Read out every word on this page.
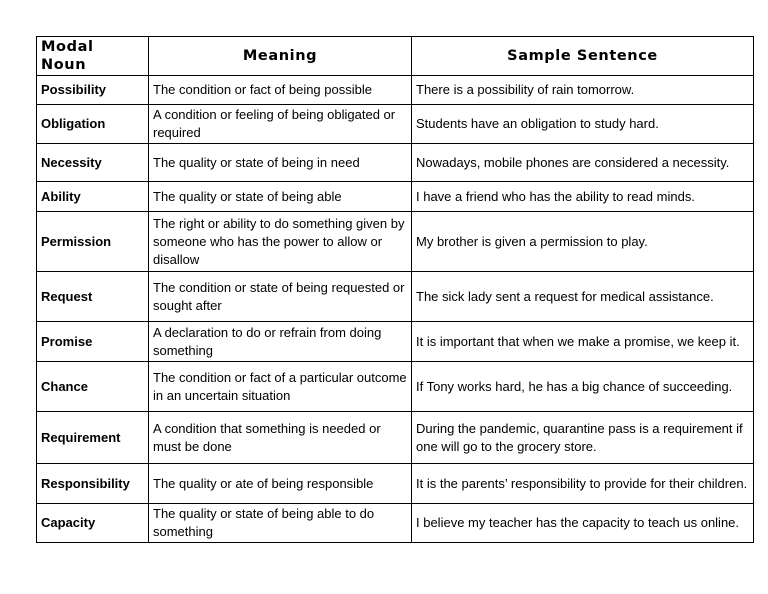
Modal Noun	Meaning	Sample Sentence
Possibility	The condition or fact of being possible	There is a possibility of rain tomorrow.
Obligation	A condition or feeling of being obligated or required	Students have an obligation to study hard.
Necessity	The quality or state of being in need	Nowadays, mobile phones are considered a necessity.
Ability	The quality or state of being able	I have a friend who has the ability to read minds.
Permission	The right or ability to do something given by someone who has the power to allow or disallow	My brother is given a permission to play.
Request	The condition or state of being requested or sought after	The sick lady sent a request for medical assistance.
Promise	A declaration to do or refrain from doing something	It is important that when we make a promise, we keep it.
Chance	The condition or fact of a particular outcome in an uncertain situation	If Tony works hard, he has a big chance of succeeding.
Requirement	A condition that something is needed or must be done	During the pandemic, quarantine pass is a requirement if one will go to the grocery store.
Responsibility	The quality or ate of being responsible	It is the parents’ responsibility to provide for their children.
Capacity	The quality or state of being able to do something	I believe my teacher has the capacity to teach us online.
